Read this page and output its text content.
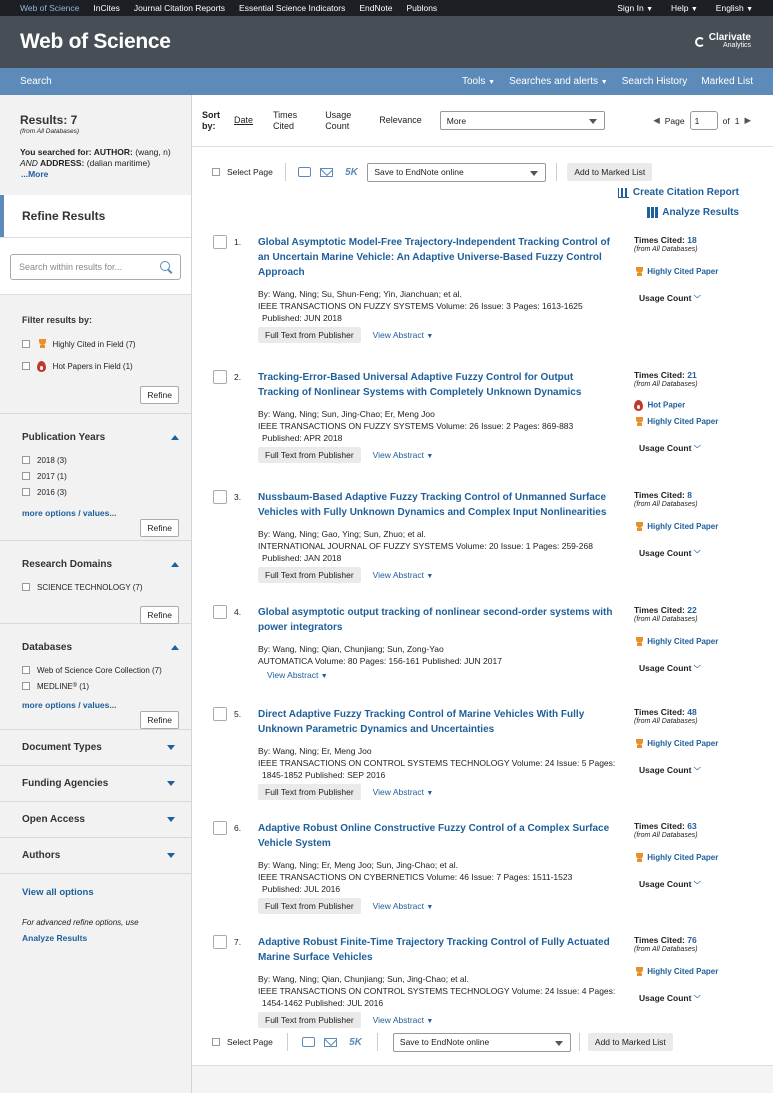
Web of Science InCites Journal Citation Reports Essential Science Indicators EndNote Publons	Sign In ▼ Help ▼ English ▼
Web of Science	Clarivate
Analytics
Search	Tools ▼ Searches and alerts ▼ Search History Marked List
Results: 7
(from All Databases)
You searched for: AUTHOR: (wang, n) AND ADDRESS: (dalian maritime)
...More
Refine Results
Search within results for...
Filter results by:

Highly Cited in Field (7)

Hot Papers in Field (1)
Refine
Publication Years
2018 (3)
2017 (1)
2016 (3)
more options / values...
Refine
Research Domains
SCIENCE TECHNOLOGY (7)
Refine
Databases
Web of Science Core Collection (7)
MEDLINE ®
(1)
more options / values...
Refine
Document Types
Funding Agencies
Open Access
Authors
View all options
For advanced refine options, use
Analyze Results
Sort
by:
Date
Times
Cited
Usage
Count
Relevance	More	◀ Page	1	of 1 ▶
Select Page

	5K
Save to EndNote online	Add to Marked List
Create Citation Report
Analyze Results
1. Global Asymptotic Model-Free Trajectory-Independent Tracking Control of an Uncertain Marine Vehicle: An Adaptive Universe-Based Fuzzy Control Approach
By: Wang, Ning; Su, Shun-Feng; Yin, Jianchuan; et al.
IEEE TRANSACTIONS ON FUZZY SYSTEMS Volume: 26 Issue: 3 Pages: 1613-1625
Published: JUN 2018
Full Text from Publisher	View Abstract ▼
Times Cited: 18
(from All Databases)
Highly Cited Paper
Usage Count ﹀
2. Tracking-Error-Based Universal Adaptive Fuzzy Control for Output Tracking of Nonlinear Systems with Completely Unknown Dynamics
By: Wang, Ning; Sun, Jing-Chao; Er, Meng Joo
IEEE TRANSACTIONS ON FUZZY SYSTEMS Volume: 26 Issue: 2 Pages: 869-883
Published: APR 2018
Full Text from Publisher	View Abstract ▼
Times Cited: 21
(from All Databases)
Hot Paper
Highly Cited Paper
Usage Count ﹀
3. Nussbaum-Based Adaptive Fuzzy Tracking Control of Unmanned Surface Vehicles with Fully Unknown Dynamics and Complex Input Nonlinearities
By: Wang, Ning; Gao, Ying; Sun, Zhuo; et al.
INTERNATIONAL JOURNAL OF FUZZY SYSTEMS Volume: 20 Issue: 1 Pages: 259-268
Published: JAN 2018
Full Text from Publisher	View Abstract ▼
Times Cited: 8
(from All Databases)
Highly Cited Paper
Usage Count ﹀
4. Global asymptotic output tracking of nonlinear second-order systems with power integrators
By: Wang, Ning; Qian, Chunjiang; Sun, Zong-Yao
AUTOMATICA Volume: 80 Pages: 156-161 Published: JUN 2017
View Abstract ▼
Times Cited: 22
(from All Databases)
Highly Cited Paper
Usage Count ﹀
5. Direct Adaptive Fuzzy Tracking Control of Marine Vehicles With Fully Unknown Parametric Dynamics and Uncertainties
By: Wang, Ning; Er, Meng Joo
IEEE TRANSACTIONS ON CONTROL SYSTEMS TECHNOLOGY Volume: 24 Issue: 5 Pages:
1845-1852 Published: SEP 2016
Full Text from Publisher	View Abstract ▼
Times Cited: 48
(from All Databases)
Highly Cited Paper
Usage Count ﹀
6. Adaptive Robust Online Constructive Fuzzy Control of a Complex Surface Vehicle System
By: Wang, Ning; Er, Meng Joo; Sun, Jing-Chao; et al.
IEEE TRANSACTIONS ON CYBERNETICS Volume: 46 Issue: 7 Pages: 1511-1523
Published: JUL 2016
Full Text from Publisher	View Abstract ▼
Times Cited: 63
(from All Databases)
Highly Cited Paper
Usage Count ﹀
7. Adaptive Robust Finite-Time Trajectory Tracking Control of Fully Actuated Marine Surface Vehicles
By: Wang, Ning; Qian, Chunjiang; Sun, Jing-Chao; et al.
IEEE TRANSACTIONS ON CONTROL SYSTEMS TECHNOLOGY Volume: 24 Issue: 4 Pages:
1454-1462 Published: JUL 2016
Full Text from Publisher	View Abstract ▼
Times Cited: 76
(from All Databases)
Highly Cited Paper
Usage Count ﹀
Select Page

	5K	Save to EndNote online	Add to Marked List
